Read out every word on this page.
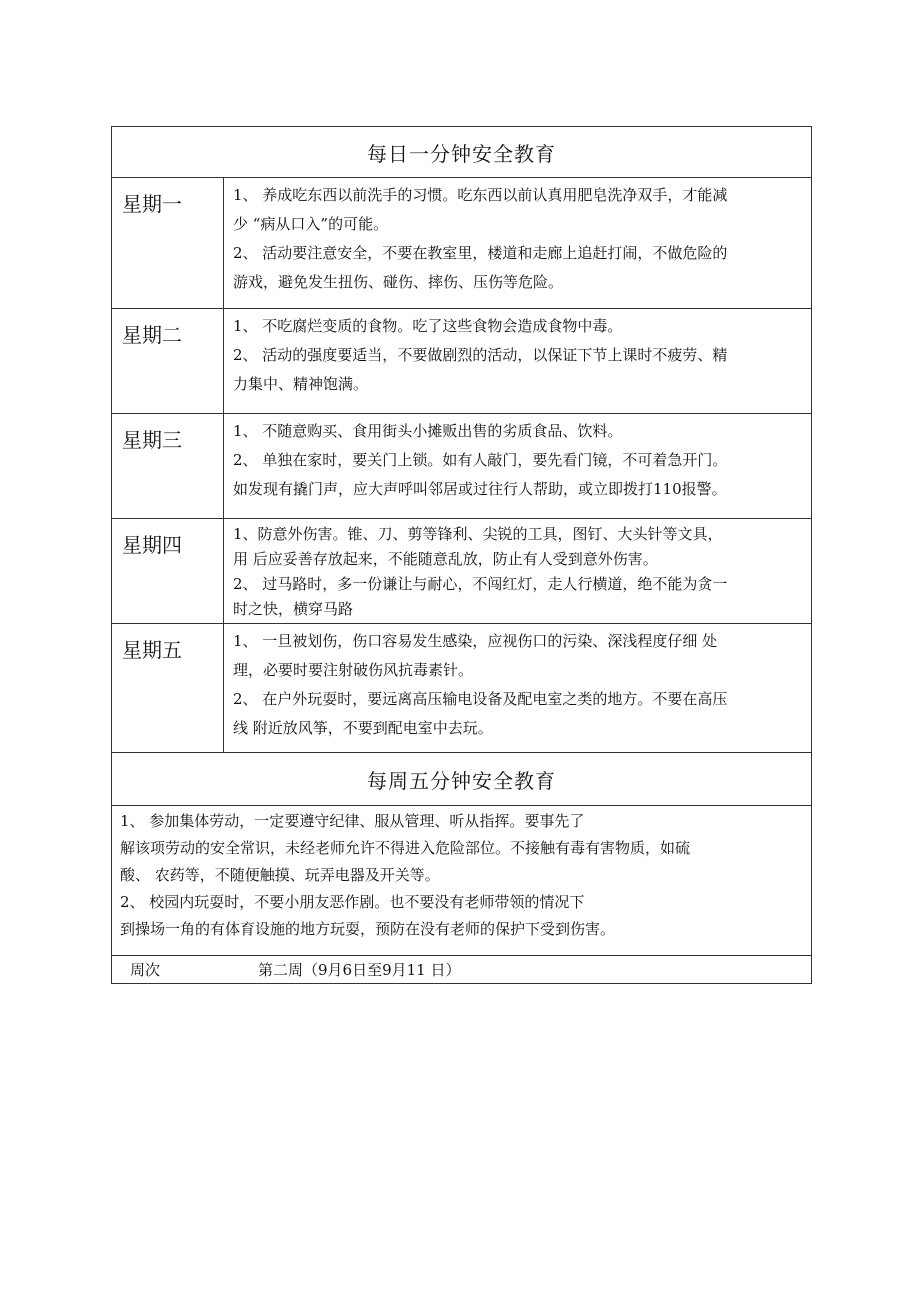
每日一分钟安全教育
星期一	1、 养成吃东西以前洗手的习惯。吃东西以前认真用肥皂洗净双手，才能减

少 “病从口入”的可能。

2、 活动要注意安全，不要在教室里，楼道和走廊上追赶打闹，不做危险的

游戏，避免发生扭伤、碰伤、摔伤、压伤等危险。

星期二	1、 不吃腐烂变质的食物。吃了这些食物会造成食物中毒。

2、 活动的强度要适当，不要做剧烈的活动，以保证下节上课时不疲劳、精

力集中、精神饱满。

星期三	1、 不随意购买、食用街头小摊贩出售的劣质食品、饮料。

2、 单独在家时，要关门上锁。如有人敲门，要先看门镜，不可着急开门。

如发现有撬门声，应大声呼叫邻居或过往行人帮助，或立即拨打110报警。

星期四	1、防意外伤害。锥、刀、剪等锋利、尖锐的工具，图钉、大头针等文具，

用 后应妥善存放起来，不能随意乱放，防止有人受到意外伤害。

2、 过马路时，多一份谦让与耐心，不闯红灯，走人行横道，绝不能为贪一

时之快，横穿马路

星期五	1、 一旦被划伤，伤口容易发生感染，应视伤口的污染、深浅程度仔细 处

理，必要时要注射破伤风抗毒素针。

2、 在户外玩耍时，要远离高压输电设备及配电室之类的地方。不要在高压

线 附近放风筝，不要到配电室中去玩。

每周五分钟安全教育

1、 参加集体劳动，一定要遵守纪律、服从管理、听从指挥。要事先了

解该项劳动的安全常识，未经老师允许不得进入危险部位。不接触有毒有害物质，如硫

酸、 农药等，不随便触摸、玩弄电器及开关等。

2、 校园内玩耍时，不要小朋友恶作剧。也不要没有老师带领的情况下

到操场一角的有体育设施的地方玩耍，预防在没有老师的保护下受到伤害。

周次	第二周（9月6日至9月11 日）
